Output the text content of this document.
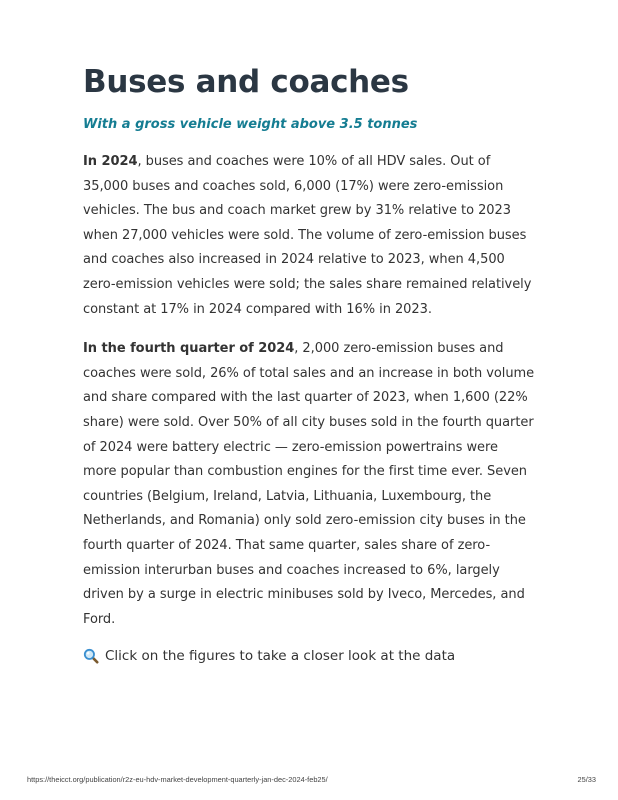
Buses and coaches
With a gross vehicle weight above 3.5 tonnes

In 2024, buses and coaches were 10% of all HDV sales. Out of 35,000 buses and coaches sold, 6,000 (17%) were zero-emission vehicles. The bus and coach market grew by 31% relative to 2023 when 27,000 vehicles were sold. The volume of zero-emission buses and coaches also increased in 2024 relative to 2023, when 4,500 zero-emission vehicles were sold; the sales share remained relatively constant at 17% in 2024 compared with 16% in 2023.

In the fourth quarter of 2024, 2,000 zero-emission buses and coaches were sold, 26% of total sales and an increase in both volume and share compared with the last quarter of 2023, when 1,600 (22% share) were sold. Over 50% of all city buses sold in the fourth quarter of 2024 were battery electric — zero-emission powertrains were more popular than combustion engines for the first time ever. Seven countries (Belgium, Ireland, Latvia, Lithuania, Luxembourg, the Netherlands, and Romania) only sold zero-emission city buses in the fourth quarter of 2024. That same quarter, sales share of zero-emission interurban buses and coaches increased to 6%, largely driven by a surge in electric minibuses sold by Iveco, Mercedes, and Ford.

Click on the figures to take a closer look at the data
https://theicct.org/publication/r2z-eu-hdv-market-development-quarterly-jan-dec-2024-feb25/	25/33
